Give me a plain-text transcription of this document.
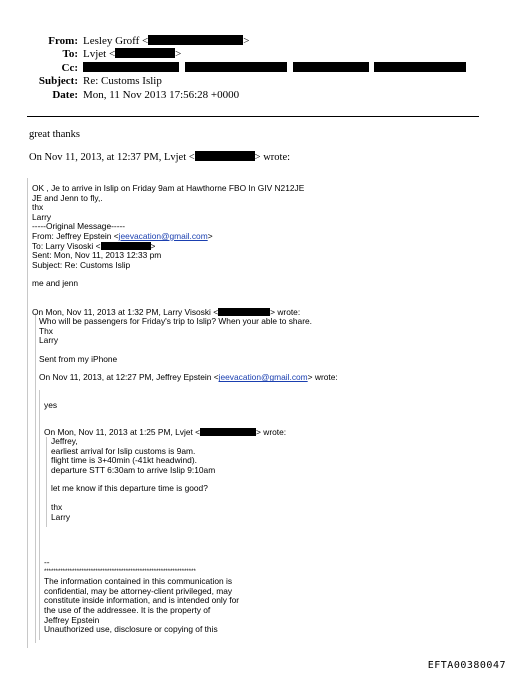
From: Lesley Groff <	>
To: Lvjet <	>
Cc:

Subject: Re: Customs Islip
Date: Mon, 11 Nov 2013 17:56:28 +0000
great thanks
On Nov 11, 2013, at 12:37 PM, Lvjet <	> wrote:
OK , Je to arrive in Islip on Friday 9am at Hawthorne FBO In GIV N212JE
JE and Jenn to fly,.
thx
Larry
-----Original Message-----
From: Jeffrey Epstein <jeevacation@gmail.com>
To: Larry Visoski <	>
Sent: Mon, Nov 11, 2013 12:33 pm
Subject: Re: Customs Islip
me and jenn
On Mon, Nov 11, 2013 at 1:32 PM, Larry Visoski <	> wrote:
Who will be passengers for Friday's trip to Islip? When your able to share.
Thx
Larry
Sent from my iPhone
On Nov 11, 2013, at 12:27 PM, Jeffrey Epstein <jeevacation@gmail.com> wrote:
yes
On Mon, Nov 11, 2013 at 1:25 PM, Lvjet <	> wrote:
Jeffrey,
earliest arrival for Islip customs is 9am.
flight time is 3+40min (-41kt headwind).
departure STT 6:30am to arrive Islip 9:10am
let me know if this departure time is good?
thx
Larry
--
*****************************************************************
The information contained in this communication is
confidential, may be attorney-client privileged, may
constitute inside information, and is intended only for
the use of the addressee. It is the property of
Jeffrey Epstein
Unauthorized use, disclosure or copying of this
EFTA00380047
